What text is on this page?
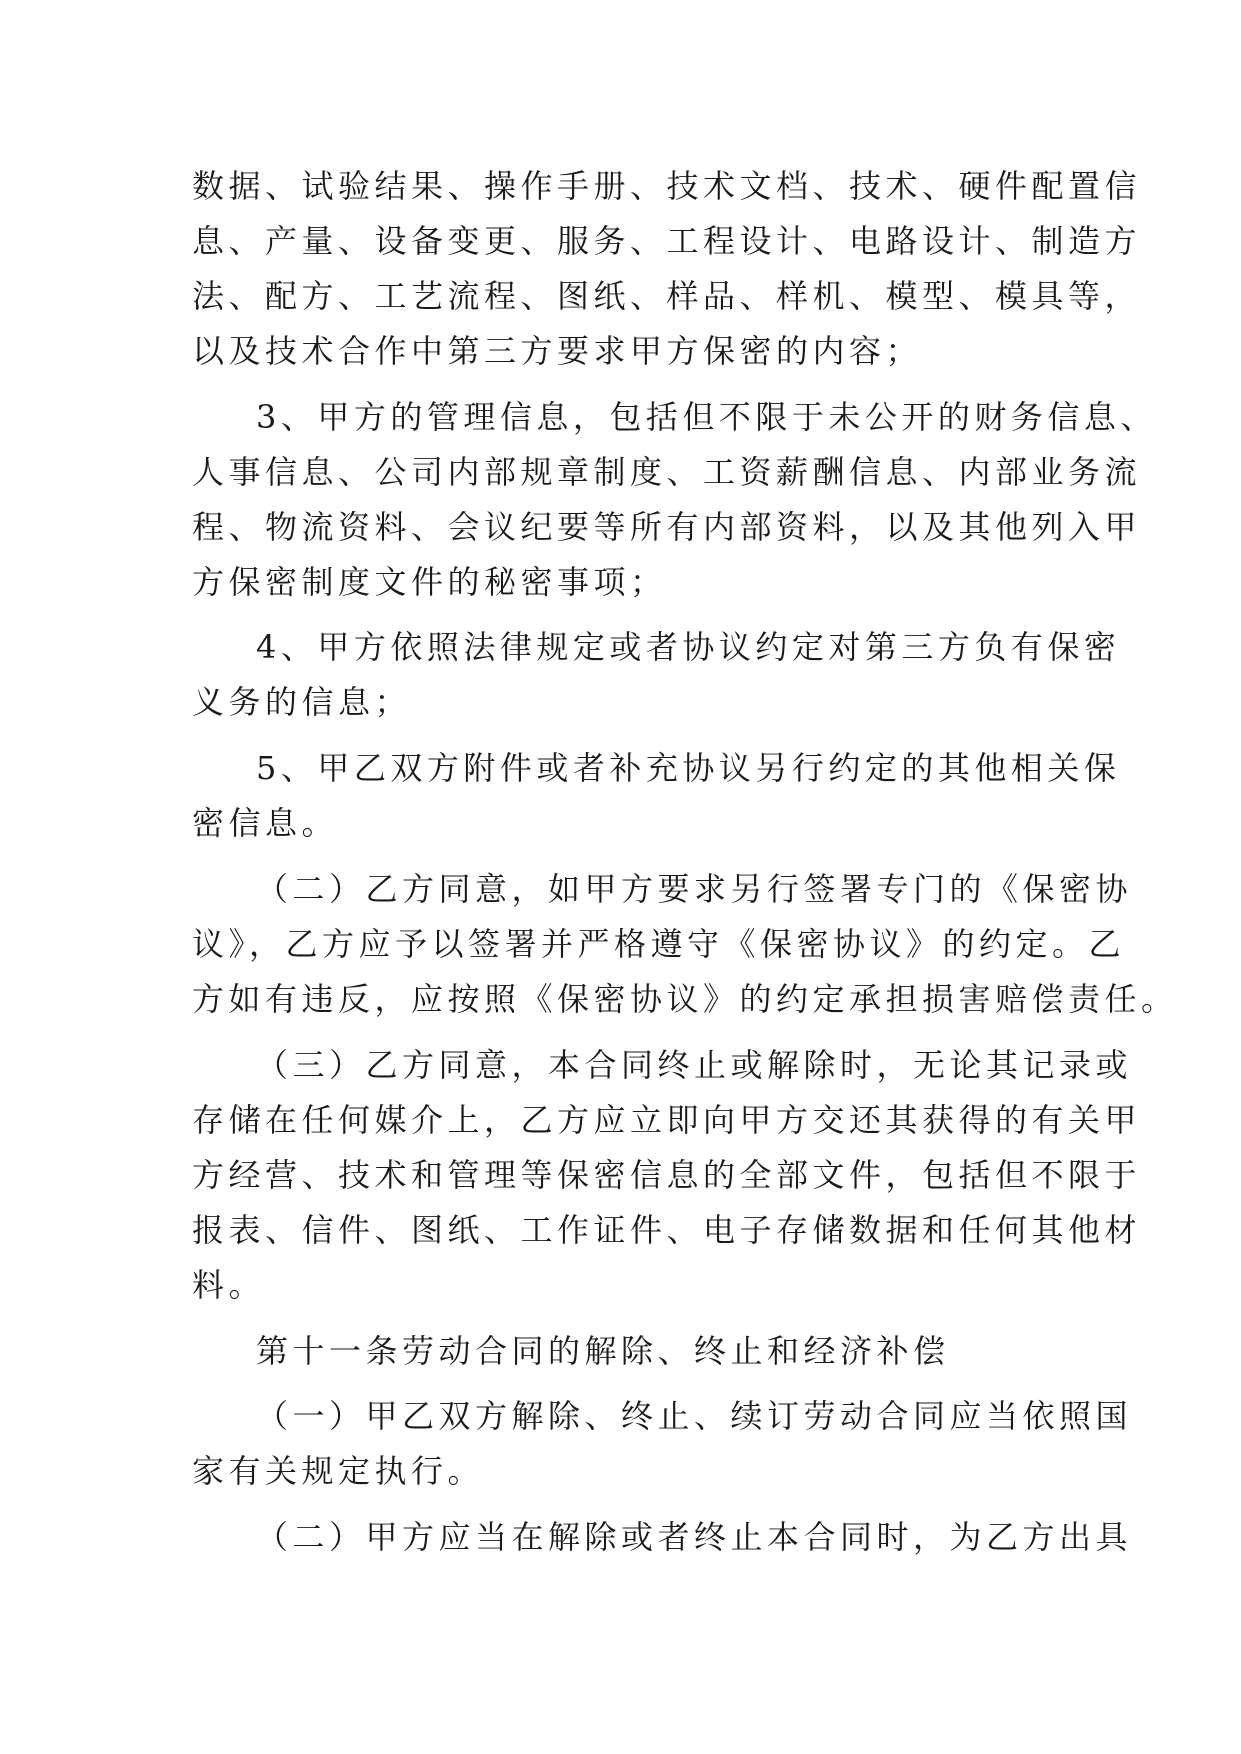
数据、试验结果、操作手册、技术文档、技术、硬件配置信
息、产量、设备变更、服务、工程设计、电路设计、制造方
法、配方、工艺流程、图纸、样品、样机、模型、模具等，
以及技术合作中第三方要求甲方保密的内容；
3、甲方的管理信息，包括但不限于未公开的财务信息、
人事信息、公司内部规章制度、工资薪酬信息、内部业务流
程、物流资料、会议纪要等所有内部资料，以及其他列入甲
方保密制度文件的秘密事项；
4、甲方依照法律规定或者协议约定对第三方负有保密
义务的信息；
5、甲乙双方附件或者补充协议另行约定的其他相关保
密信息。
（二）乙方同意，如甲方要求另行签署专门的《保密协
议》，乙方应予以签署并严格遵守《保密协议》的约定。乙
方如有违反，应按照《保密协议》的约定承担损害赔偿责任。
（三）乙方同意，本合同终止或解除时，无论其记录或
存储在任何媒介上，乙方应立即向甲方交还其获得的有关甲
方经营、技术和管理等保密信息的全部文件，包括但不限于
报表、信件、图纸、工作证件、电子存储数据和任何其他材
料。
第十一条劳动合同的解除、终止和经济补偿
（一）甲乙双方解除、终止、续订劳动合同应当依照国
家有关规定执行。
（二）甲方应当在解除或者终止本合同时，为乙方出具
